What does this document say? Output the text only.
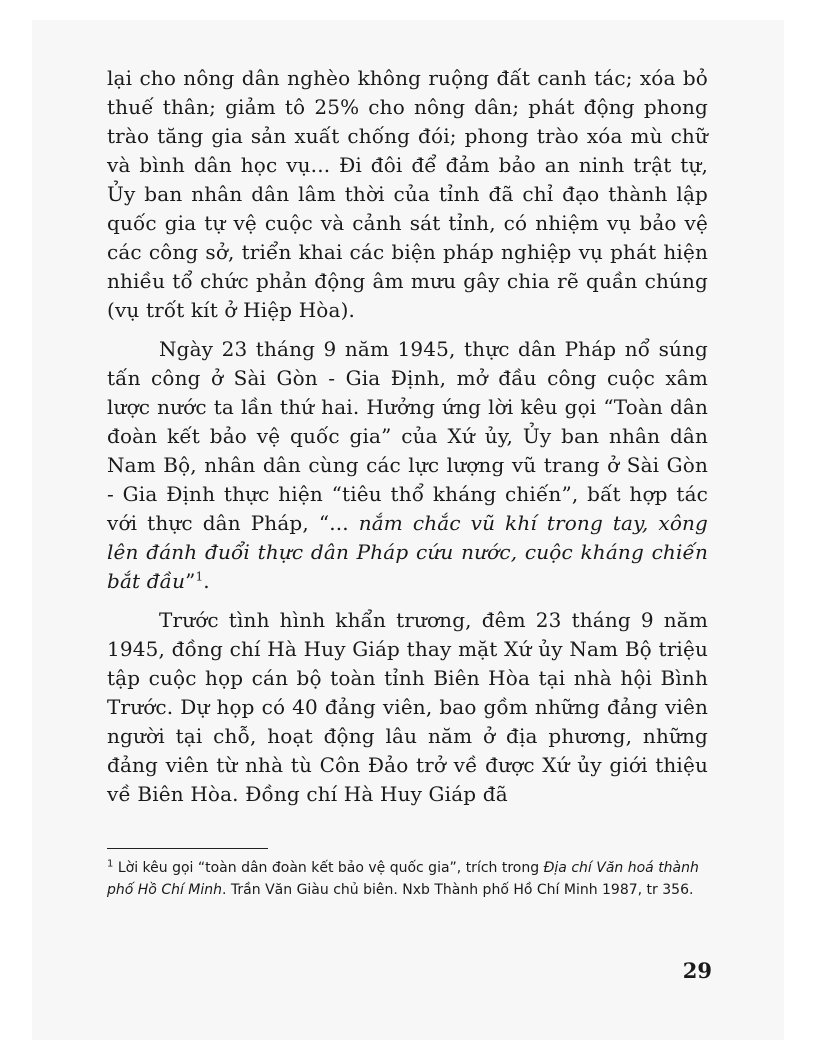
lại cho nông dân nghèo không ruộng đất canh tác; xóa bỏ thuế thân; giảm tô 25% cho nông dân; phát động phong trào tăng gia sản xuất chống đói; phong trào xóa mù chữ và bình dân học vụ... Đi đôi để đảm bảo an ninh trật tự, Ủy ban nhân dân lâm thời của tỉnh đã chỉ đạo thành lập quốc gia tự vệ cuộc và cảnh sát tỉnh, có nhiệm vụ bảo vệ các công sở, triển khai các biện pháp nghiệp vụ phát hiện nhiều tổ chức phản động âm mưu gây chia rẽ quần chúng (vụ trốt kít ở Hiệp Hòa).

Ngày 23 tháng 9 năm 1945, thực dân Pháp nổ súng tấn công ở Sài Gòn - Gia Định, mở đầu công cuộc xâm lược nước ta lần thứ hai. Hưởng ứng lời kêu gọi “Toàn dân đoàn kết bảo vệ quốc gia” của Xứ ủy, Ủy ban nhân dân Nam Bộ, nhân dân cùng các lực lượng vũ trang ở Sài Gòn - Gia Định thực hiện “tiêu thổ kháng chiến”, bất hợp tác với thực dân Pháp, “... nắm chắc vũ khí trong tay, xông lên đánh đuổi thực dân Pháp cứu nước, cuộc kháng chiến bắt đầu”$^1$.

Trước tình hình khẩn trương, đêm 23 tháng 9 năm 1945, đồng chí Hà Huy Giáp thay mặt Xứ ủy Nam Bộ triệu tập cuộc họp cán bộ toàn tỉnh Biên Hòa tại nhà hội Bình Trước. Dự họp có 40 đảng viên, bao gồm những đảng viên người tại chỗ, hoạt động lâu năm ở địa phương, những đảng viên từ nhà tù Côn Đảo trở về được Xứ ủy giới thiệu về Biên Hòa. Đồng chí Hà Huy Giáp đã

$^1$ Lời kêu gọi “toàn dân đoàn kết bảo vệ quốc gia”, trích trong Địa chí Văn hoá thành phố Hồ Chí Minh. Trần Văn Giàu chủ biên. Nxb Thành phố Hồ Chí Minh 1987, tr 356.
29
